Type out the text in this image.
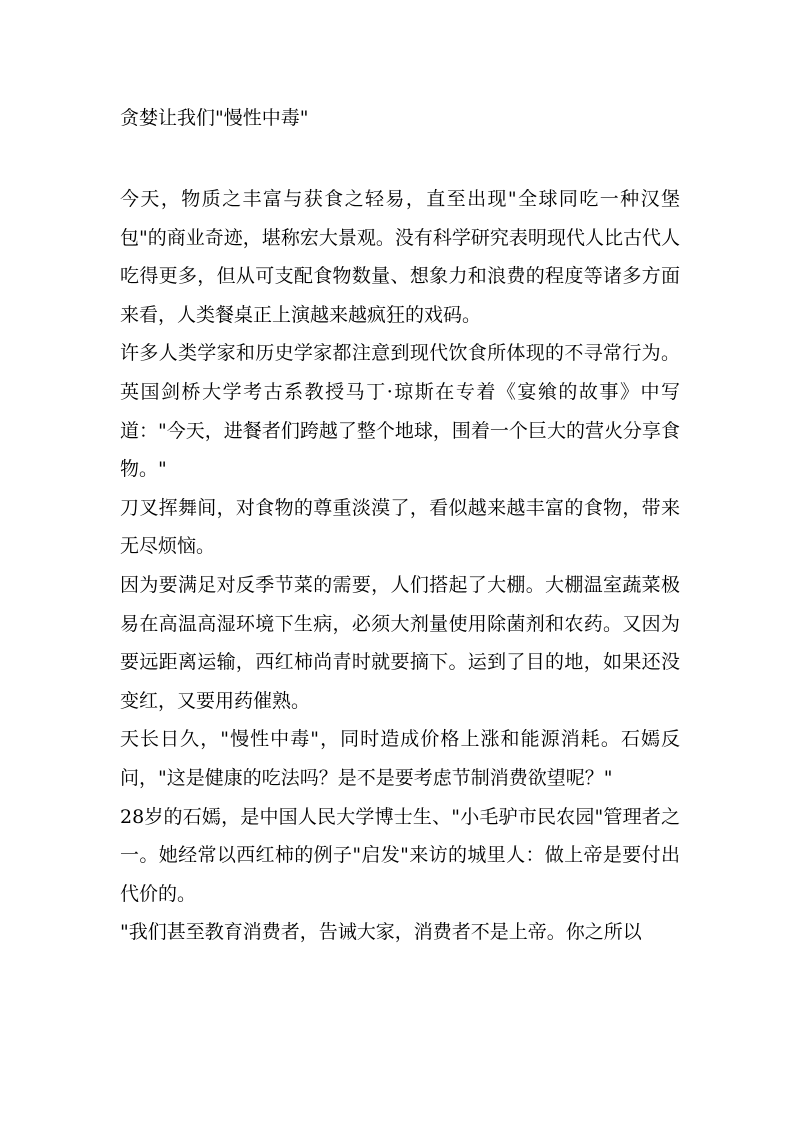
贪婪让我们"慢性中毒"

今天，物质之丰富与获食之轻易，直至出现"全球同吃一种汉堡包"的商业奇迹，堪称宏大景观。没有科学研究表明现代人比古代人吃得更多，但从可支配食物数量、想象力和浪费的程度等诸多方面来看，人类餐桌正上演越来越疯狂的戏码。

许多人类学家和历史学家都注意到现代饮食所体现的不寻常行为。英国剑桥大学考古系教授马丁·琼斯在专着《宴飨的故事》中写道："今天，进餐者们跨越了整个地球，围着一个巨大的营火分享食物。"

刀叉挥舞间，对食物的尊重淡漠了，看似越来越丰富的食物，带来无尽烦恼。

因为要满足对反季节菜的需要，人们搭起了大棚。大棚温室蔬菜极易在高温高湿环境下生病，必须大剂量使用除菌剂和农药。又因为要远距离运输，西红柿尚青时就要摘下。运到了目的地，如果还没变红，又要用药催熟。

天长日久，"慢性中毒"，同时造成价格上涨和能源消耗。石嫣反问，"这是健康的吃法吗？是不是要考虑节制消费欲望呢？"

28岁的石嫣，是中国人民大学博士生、"小毛驴市民农园"管理者之一。她经常以西红柿的例子"启发"来访的城里人：做上帝是要付出代价的。

"我们甚至教育消费者，告诫大家，消费者不是上帝。你之所以
